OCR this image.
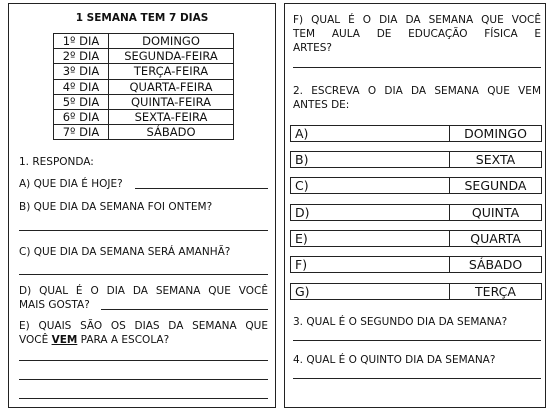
1 SEMANA TEM 7 DIAS
1º DIA	DOMINGO
2º DIA	SEGUNDA-FEIRA
3º DIA	TERÇA-FEIRA
4º DIA	QUARTA-FEIRA
5º DIA	QUINTA-FEIRA
6º DIA	SEXTA-FEIRA
7º DIA	SÁBADO
1. RESPONDA:
A) QUE DIA É HOJE?
B) QUE DIA DA SEMANA FOI ONTEM?
C) QUE DIA DA SEMANA SERÁ AMANHÃ?
D) QUAL É O DIA DA SEMANA QUE VOCÊ
MAIS GOSTA?
E) QUAIS SÃO OS DIAS DA SEMANA QUE
VOCÊ VEM PARA A ESCOLA?
F) QUAL É O DIA DA SEMANA QUE VOCÊ
TEM AULA DE EDUCAÇÃO FÍSICA E
ARTES?
2. ESCREVA O DIA DA SEMANA QUE VEM
ANTES DE:
A)	DOMINGO
B)	SEXTA
C)	SEGUNDA
D)	QUINTA
E)	QUARTA
F)	SÁBADO
G)	TERÇA
3. QUAL É O SEGUNDO DIA DA SEMANA?
4. QUAL É O QUINTO DIA DA SEMANA?
